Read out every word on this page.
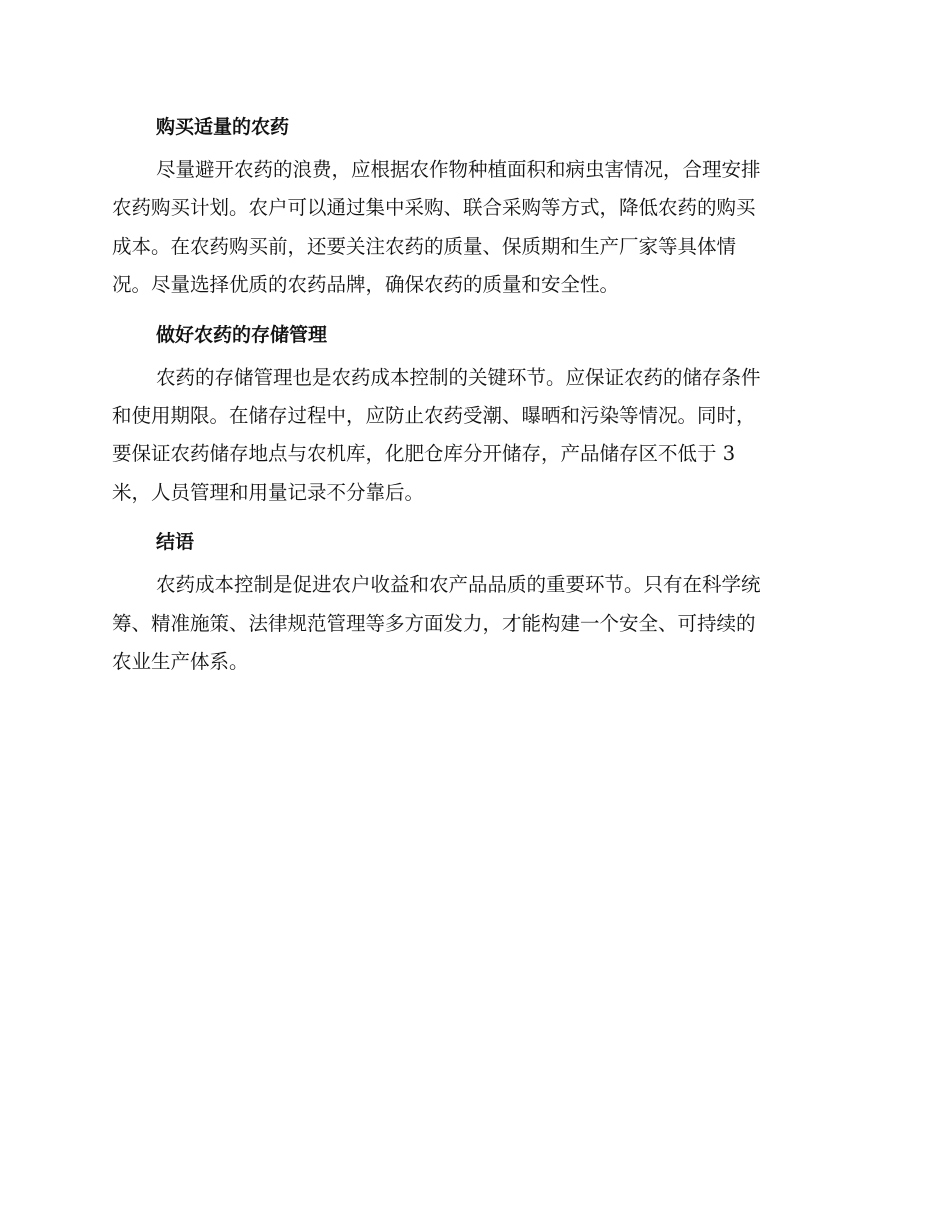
购买适量的农药

尽量避开农药的浪费，应根据农作物种植面积和病虫害情况，合理安排
农药购买计划。农户可以通过集中采购、联合采购等方式，降低农药的购买
成本。在农药购买前，还要关注农药的质量、保质期和生产厂家等具体情
况。尽量选择优质的农药品牌，确保农药的质量和安全性。

做好农药的存储管理

农药的存储管理也是农药成本控制的关键环节。应保证农药的储存条件
和使用期限。在储存过程中，应防止农药受潮、曝晒和污染等情况。同时，
要保证农药储存地点与农机库，化肥仓库分开储存，产品储存区不低于 3
米，人员管理和用量记录不分靠后。

结语

农药成本控制是促进农户收益和农产品品质的重要环节。只有在科学统
筹、精准施策、法律规范管理等多方面发力，才能构建一个安全、可持续的
农业生产体系。
